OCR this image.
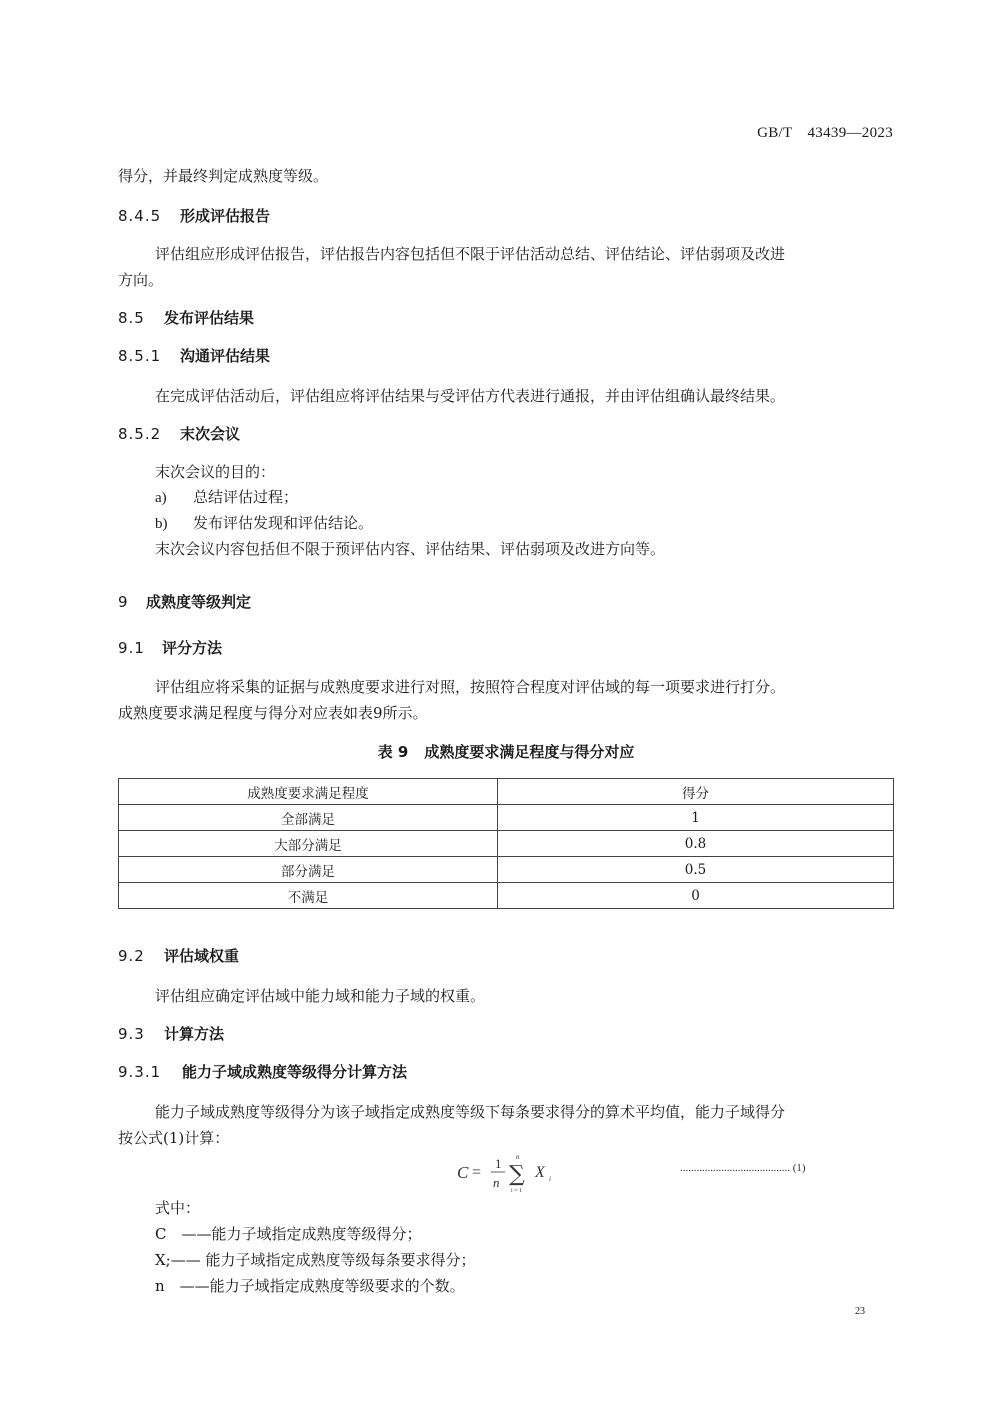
GB/T　43439—2023
得分，并最终判定成熟度等级。
8.4.5 形成评估报告
评估组应形成评估报告，评估报告内容包括但不限于评估活动总结、评估结论、评估弱项及改进
方向。
8.5 发布评估结果
8.5.1 沟通评估结果
在完成评估活动后，评估组应将评估结果与受评估方代表进行通报，并由评估组确认最终结果。
8.5.2 末次会议
末次会议的目的：
a) 总结评估过程；
b) 发布评估发现和评估结论。
末次会议内容包括但不限于预评估内容、评估结果、评估弱项及改进方向等。
9 成熟度等级判定
9.1 评分方法
评估组应将采集的证据与成熟度要求进行对照，按照符合程度对评估域的每一项要求进行打分。
成熟度要求满足程度与得分对应表如表9所示。
表 9 成熟度要求满足程度与得分对应
成熟度要求满足程度	得分
全部满足	1
大部分满足	0.8
部分满足	0.5
不满足	0
9.2 评估域权重
评估组应确定评估域中能力域和能力子域的权重。
9.3 计算方法
9.3.1 能力子域成熟度等级得分计算方法
能力子域成熟度等级得分为该子域指定成熟度等级下每条要求得分的算术平均值，能力子域得分
按公式(1)计算：
C =
1
n
n
∑
i = 1
X i
........................................ (1)
式中：
C　——能力子域指定成熟度等级得分；
X;—— 能力子域指定成熟度等级每条要求得分；
n　——能力子域指定成熟度等级要求的个数。
23
